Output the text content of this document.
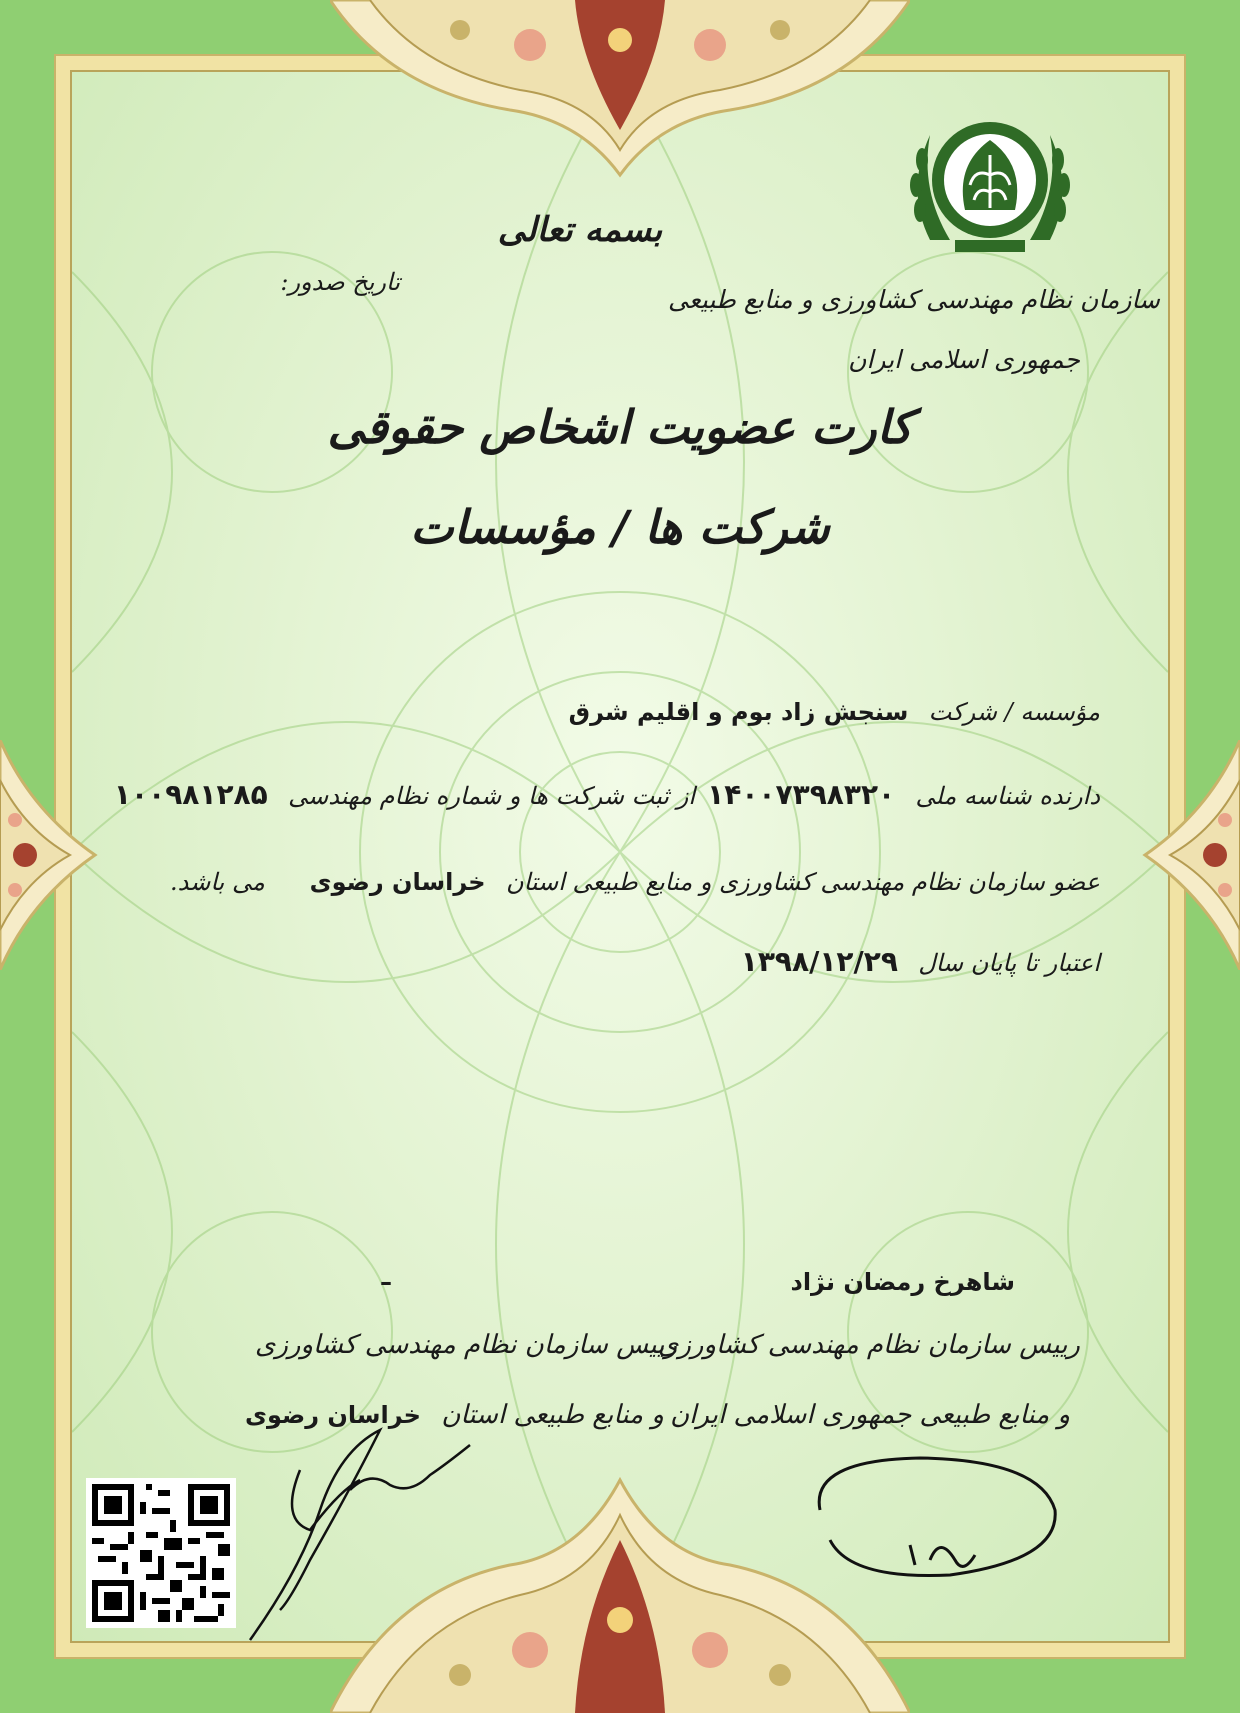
بسمه تعالی
تاریخ صدور:
سازمان نظام مهندسی کشاورزی و منابع طبیعی
جمهوری اسلامی ایران
کارت عضویت اشخاص حقوقی
شرکت ها / مؤسسات
مؤسسه / شرکت    سنجش زاد بوم و اقلیم شرق
دارنده شناسه ملی    ۱۴۰۰۷۳۹۸۳۲۰
از ثبت شرکت ها و شماره نظام مهندسی    ۱۰۰۹۸۱۲۸۵
عضو سازمان نظام مهندسی کشاورزی و منابع طبیعی استان    خراسان رضوی
می باشد.
اعتبار تا پایان سال    ۱۳۹۸/۱۲/۲۹
شاهرخ رمضان نژاد
رییس سازمان نظام مهندسی کشاورزی
و منابع طبیعی جمهوری اسلامی ایران
–
رییس سازمان نظام مهندسی کشاورزی
و منابع طبیعی استان    خراسان رضوی
